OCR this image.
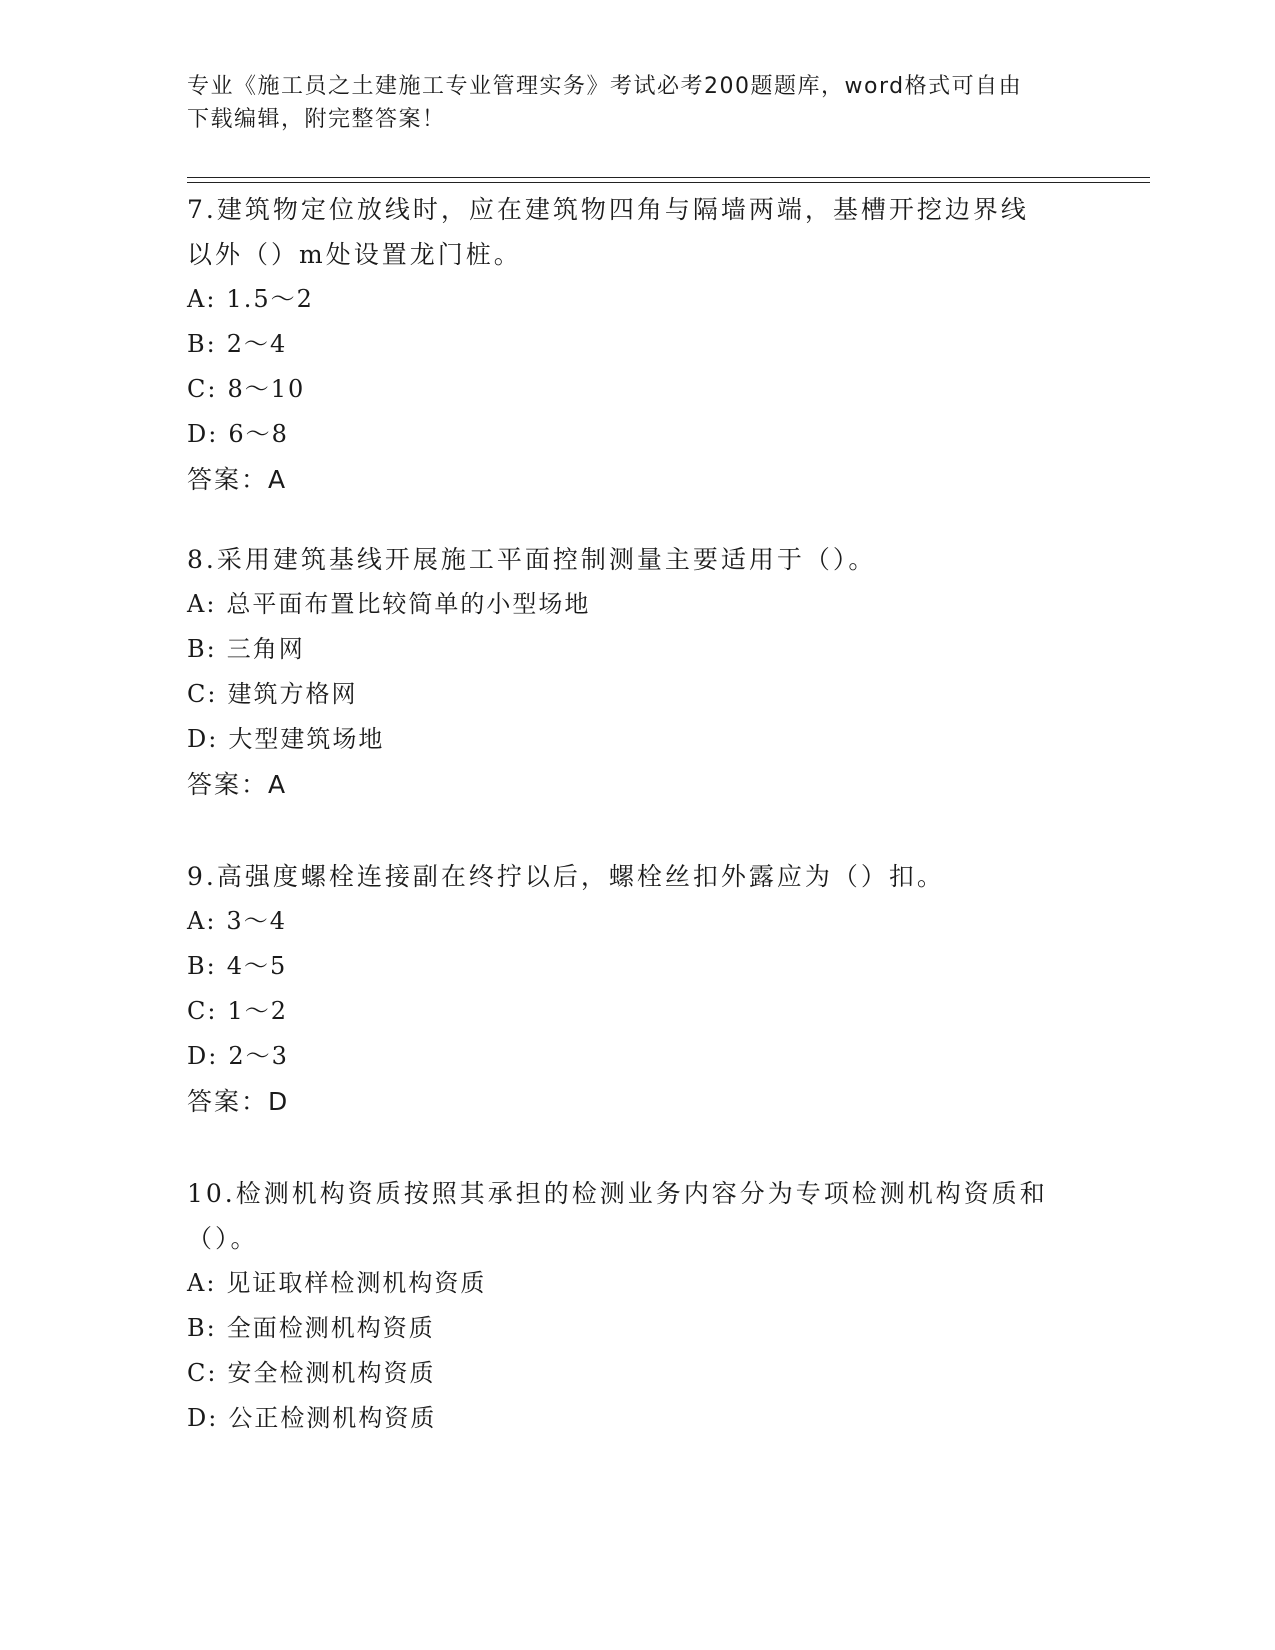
专业《施工员之土建施工专业管理实务》考试必考200题题库，word格式可自由
下载编辑，附完整答案！

7.建筑物定位放线时，应在建筑物四角与隔墙两端，基槽开挖边界线

以外（）m处设置龙门桩。

A: 1.5～2

B: 2～4

C: 8～10

D: 6～8

答案：A

8.采用建筑基线开展施工平面控制测量主要适用于（）。

A: 总平面布置比较简单的小型场地

B: 三角网

C: 建筑方格网

D: 大型建筑场地

答案：A

9.高强度螺栓连接副在终拧以后，螺栓丝扣外露应为（）扣。

A: 3～4

B: 4～5

C: 1～2

D: 2～3

答案：D

10.检测机构资质按照其承担的检测业务内容分为专项检测机构资质和

（）。

A: 见证取样检测机构资质

B: 全面检测机构资质

C: 安全检测机构资质

D: 公正检测机构资质
